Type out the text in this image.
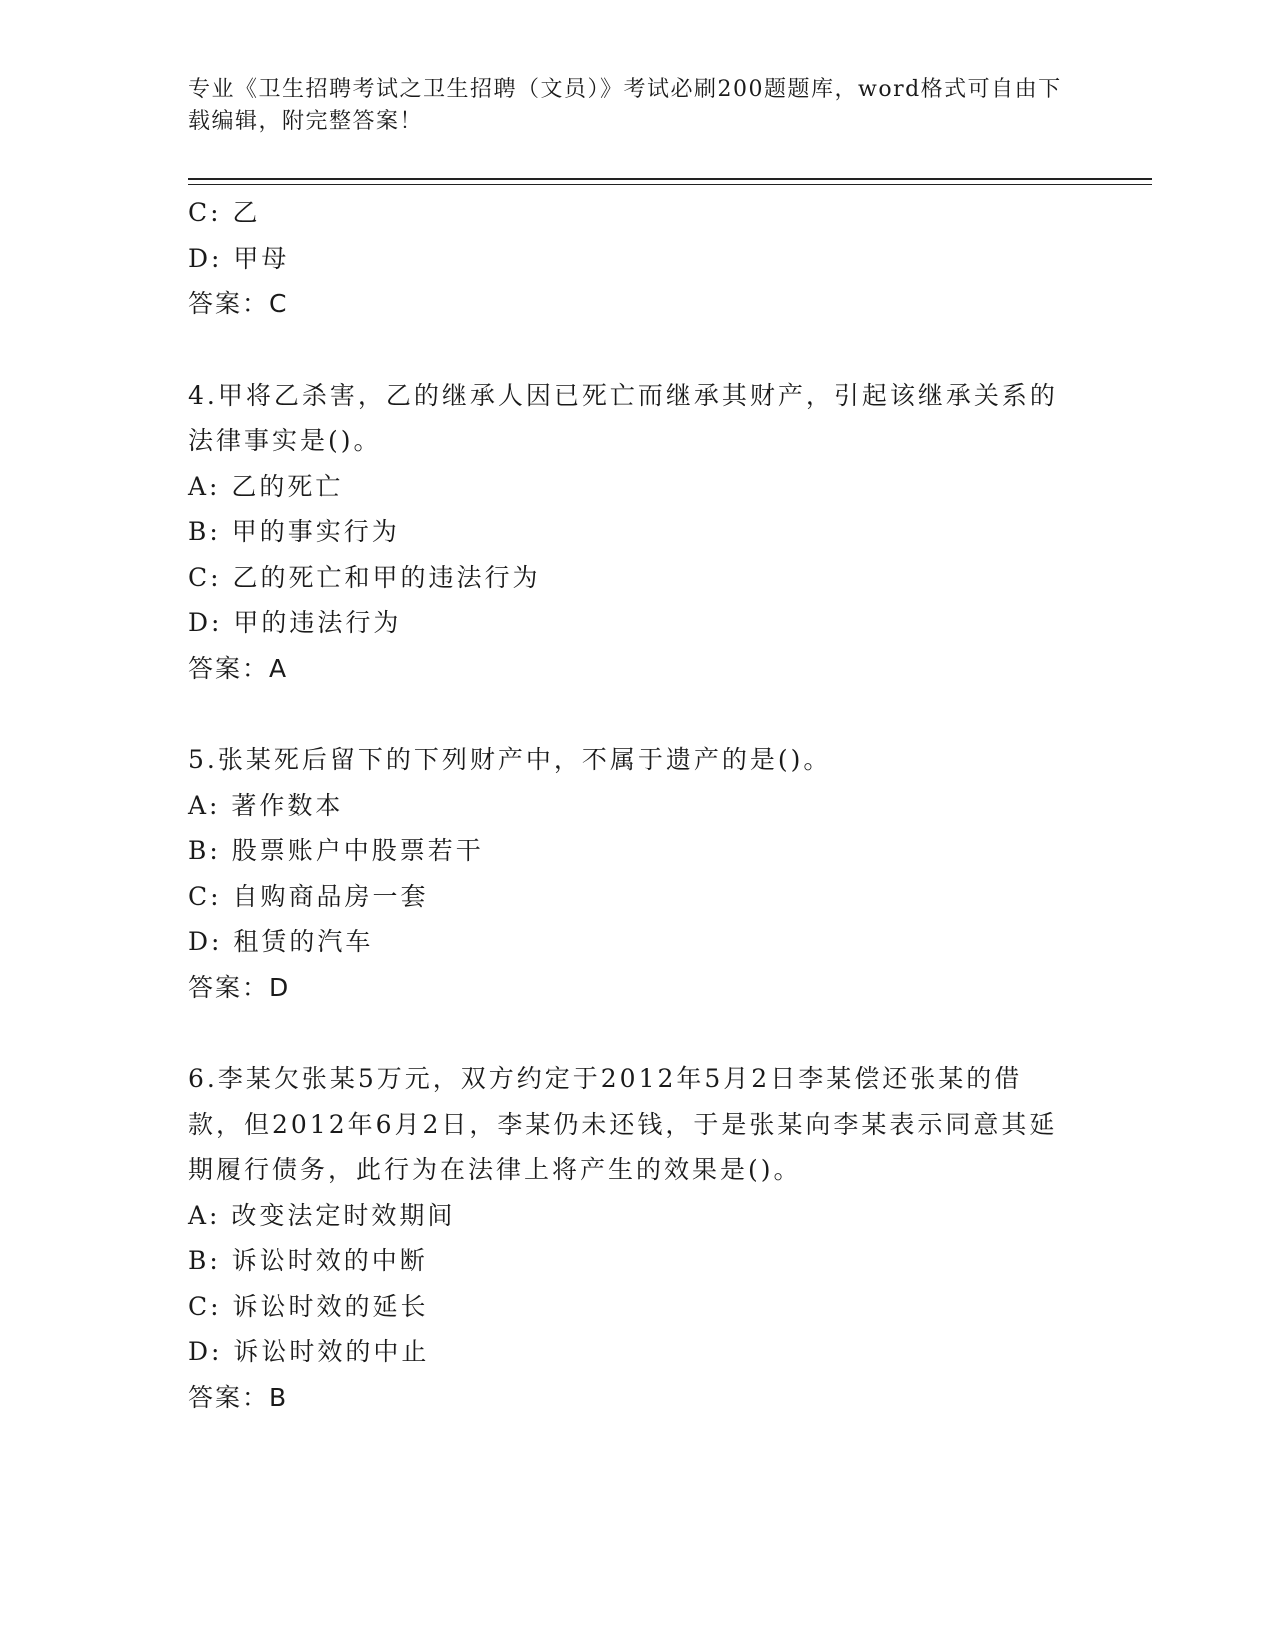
专业《卫生招聘考试之卫生招聘（文员）》考试必刷200题题库，word格式可自由下载编辑，附完整答案！
C: 乙
D: 甲母
答案：C
4.甲将乙杀害，乙的继承人因已死亡而继承其财产，引起该继承关系的法律事实是()。
A: 乙的死亡
B: 甲的事实行为
C: 乙的死亡和甲的违法行为
D: 甲的违法行为
答案：A
5.张某死后留下的下列财产中，不属于遗产的是()。
A: 著作数本
B: 股票账户中股票若干
C: 自购商品房一套
D: 租赁的汽车
答案：D
6.李某欠张某5万元，双方约定于2012年5月2日李某偿还张某的借款，但2012年6月2日，李某仍未还钱，于是张某向李某表示同意其延期履行债务，此行为在法律上将产生的效果是()。
A: 改变法定时效期间
B: 诉讼时效的中断
C: 诉讼时效的延长
D: 诉讼时效的中止
答案：B
